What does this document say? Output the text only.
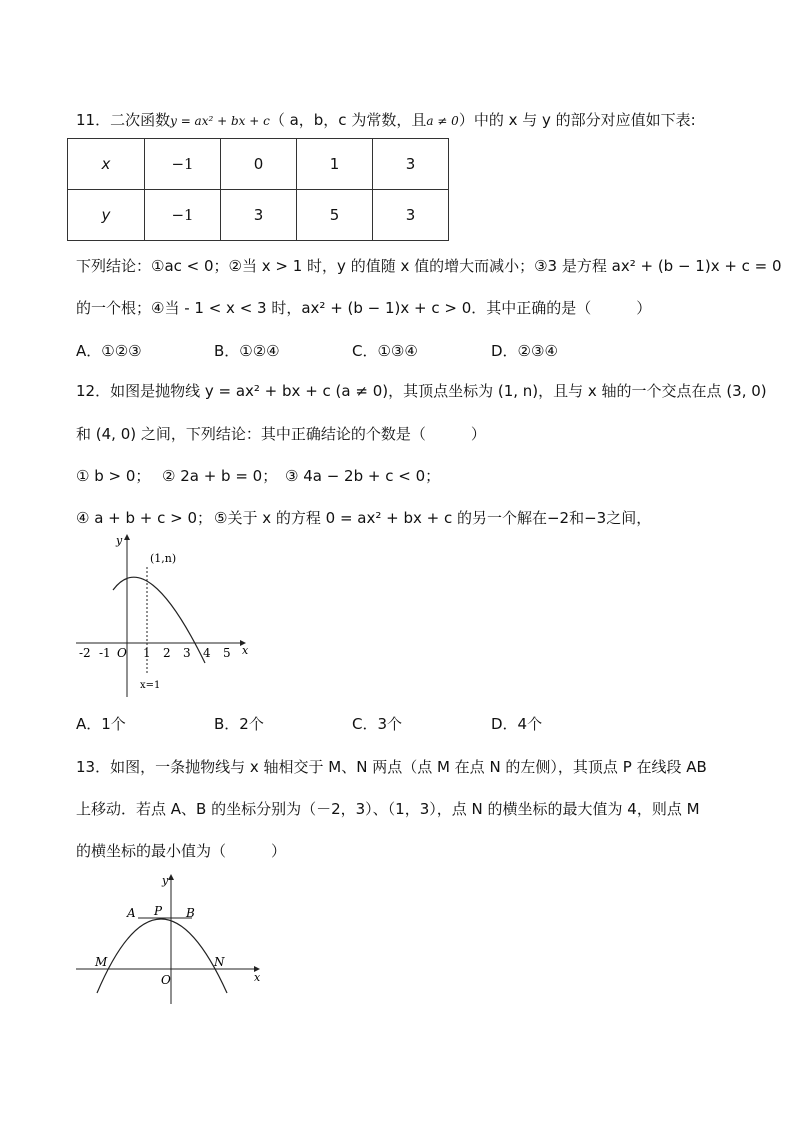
11．二次函数y = ax² + bx + c（ a，b，c 为常数，且a ≠ 0）中的 x 与 y 的部分对应值如下表:
x	−1	0	1	3
y	−1	3	5	3
下列结论：①ac < 0；②当 x > 1 时，y 的值随 x 值的增大而减小；③3 是方程 ax² + (b − 1)x + c = 0
的一个根；④当 - 1 < x < 3 时，ax² + (b − 1)x + c > 0．其中正确的是（　　　）
A．①②③	B．①②④	C．①③④	D．②③④
12．如图是抛物线 y = ax² + bx + c (a ≠ 0)，其顶点坐标为 (1, n)，且与 x 轴的一个交点在点 (3, 0)
和 (4, 0) 之间，下列结论：其中正确结论的个数是（　　　）
① b > 0； ② 2a + b = 0； ③ 4a − 2b + c < 0；
④ a + b + c > 0； ⑤关于 x 的方程 0 = ax² + bx + c 的另一个解在−2和−3之间，
y
x
(1,n)
x=1
O
-2 -1	1 2 3 4 5
A．1个	B．2个	C．3个	D．4个
13．如图，一条抛物线与 x 轴相交于 M、N 两点（点 M 在点 N 的左侧），其顶点 P 在线段 AB
上移动．若点 A、B 的坐标分别为（－2，3）、（1，3），点 N 的横坐标的最大值为 4，则点 M
的横坐标的最小值为（　　　）
y
x
O
A P B
M	N
